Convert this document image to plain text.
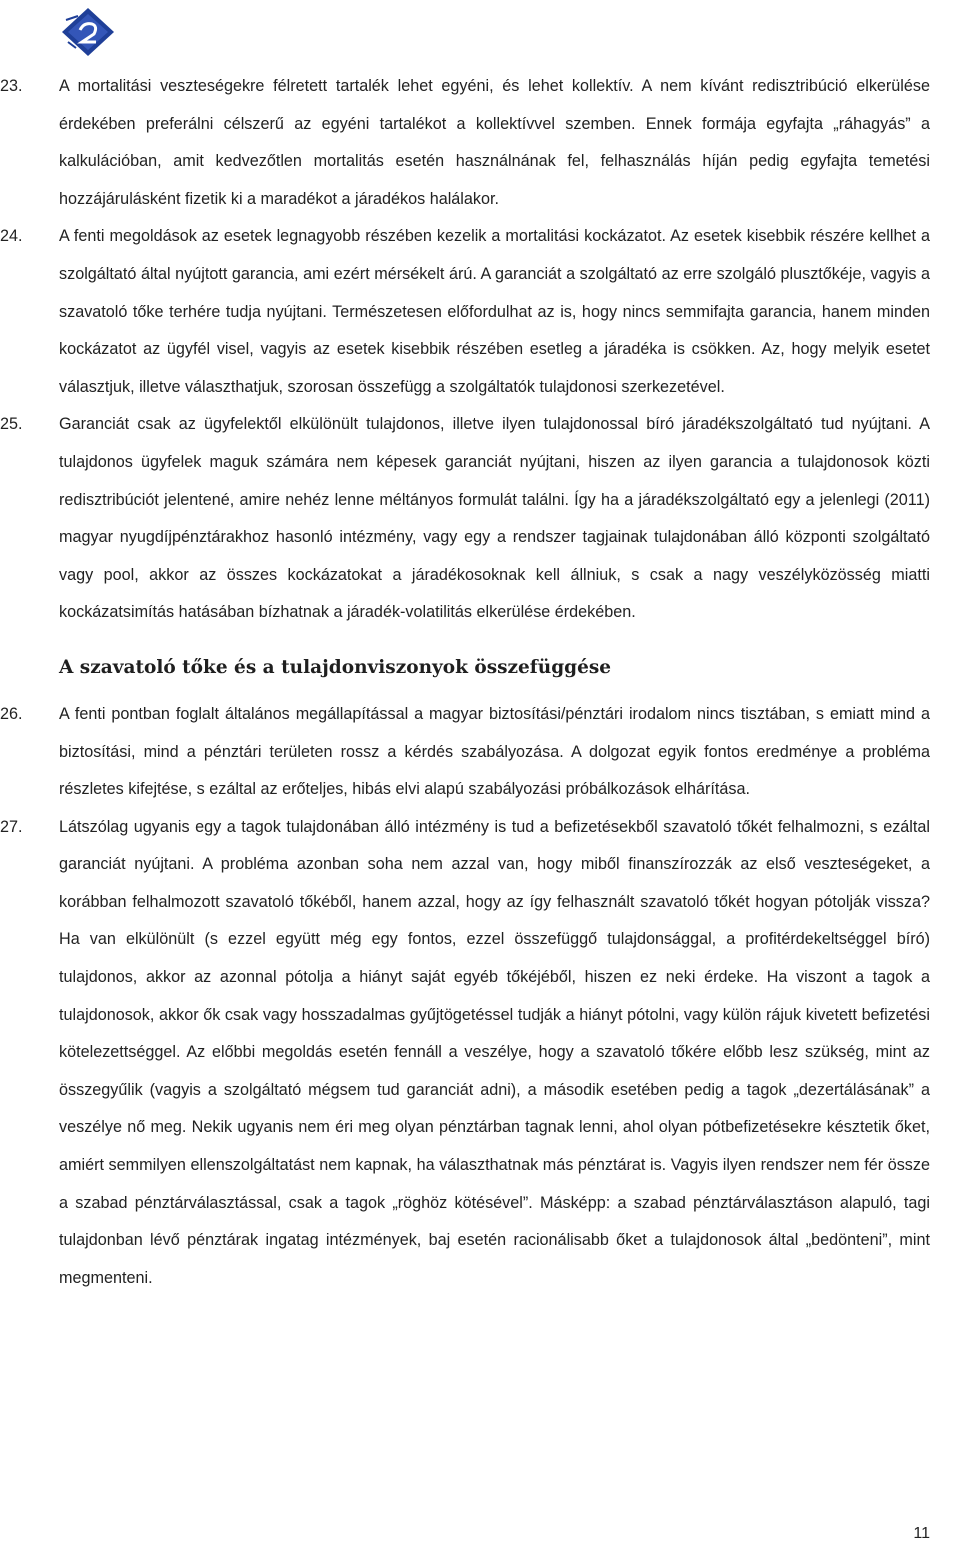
23. A mortalitási veszteségekre félretett tartalék lehet egyéni, és lehet kollektív. A nem kívánt redisztribúció elkerülése érdekében preferálni célszerű az egyéni tartalékot a kollektívvel szemben. Ennek formája egyfajta „ráhagyás” a kalkulációban, amit kedvezőtlen mortalitás esetén használnának fel, felhasználás híján pedig egyfajta temetési hozzájárulásként fizetik ki a maradékot a járadékos halálakor.
24. A fenti megoldások az esetek legnagyobb részében kezelik a mortalitási kockázatot. Az esetek kisebbik részére kellhet a szolgáltató által nyújtott garancia, ami ezért mérsékelt árú. A garanciát a szolgáltató az erre szolgáló plusztőkéje, vagyis a szavatoló tőke terhére tudja nyújtani. Természetesen előfordulhat az is, hogy nincs semmifajta garancia, hanem minden kockázatot az ügyfél visel, vagyis az esetek kisebbik részében esetleg a járadéka is csökken. Az, hogy melyik esetet választjuk, illetve választhatjuk, szorosan összefügg a szolgáltatók tulajdonosi szerkezetével.
25. Garanciát csak az ügyfelektől elkülönült tulajdonos, illetve ilyen tulajdonossal bíró járadékszolgáltató tud nyújtani. A tulajdonos ügyfelek maguk számára nem képesek garanciát nyújtani, hiszen az ilyen garancia a tulajdonosok közti redisztribúciót jelentené, amire nehéz lenne méltányos formulát találni. Így ha a járadékszolgáltató egy a jelenlegi (2011) magyar nyugdíjpénztárakhoz hasonló intézmény, vagy egy a rendszer tagjainak tulajdonában álló központi szolgáltató vagy pool, akkor az összes kockázatokat a járadékosoknak kell állniuk, s csak a nagy veszélyközösség miatti kockázatsimítás hatásában bízhatnak a járadék-volatilitás elkerülése érdekében.
A szavatoló tőke és a tulajdonviszonyok összefüggése
26. A fenti pontban foglalt általános megállapítással a magyar biztosítási/pénztári irodalom nincs tisztában, s emiatt mind a biztosítási, mind a pénztári területen rossz a kérdés szabályozása. A dolgozat egyik fontos eredménye a probléma részletes kifejtése, s ezáltal az erőteljes, hibás elvi alapú szabályozási próbálkozások elhárítása.
27. Látszólag ugyanis egy a tagok tulajdonában álló intézmény is tud a befizetésekből szavatoló tőkét felhalmozni, s ezáltal garanciát nyújtani. A probléma azonban soha nem azzal van, hogy miből finanszírozzák az első veszteségeket, a korábban felhalmozott szavatoló tőkéből, hanem azzal, hogy az így felhasznált szavatoló tőkét hogyan pótolják vissza? Ha van elkülönült (s ezzel együtt még egy fontos, ezzel összefüggő tulajdonsággal, a profitérdekeltséggel bíró) tulajdonos, akkor az azonnal pótolja a hiányt saját egyéb tőkéjéből, hiszen ez neki érdeke. Ha viszont a tagok a tulajdonosok, akkor ők csak vagy hosszadalmas gyűjtögetéssel tudják a hiányt pótolni, vagy külön rájuk kivetett befizetési kötelezettséggel. Az előbbi megoldás esetén fennáll a veszélye, hogy a szavatoló tőkére előbb lesz szükség, mint az összegyűlik (vagyis a szolgáltató mégsem tud garanciát adni), a második esetében pedig a tagok „dezertálásának” a veszélye nő meg. Nekik ugyanis nem éri meg olyan pénztárban tagnak lenni, ahol olyan pótbefizetésekre késztetik őket, amiért semmilyen ellenszolgáltatást nem kapnak, ha választhatnak más pénztárat is. Vagyis ilyen rendszer nem fér össze a szabad pénztárválasztással, csak a tagok „röghöz kötésével”. Másképp: a szabad pénztárválasztáson alapuló, tagi tulajdonban lévő pénztárak ingatag intézmények, baj esetén racionálisabb őket a tulajdonosok által „bedönteni”, mint megmenteni.
11
